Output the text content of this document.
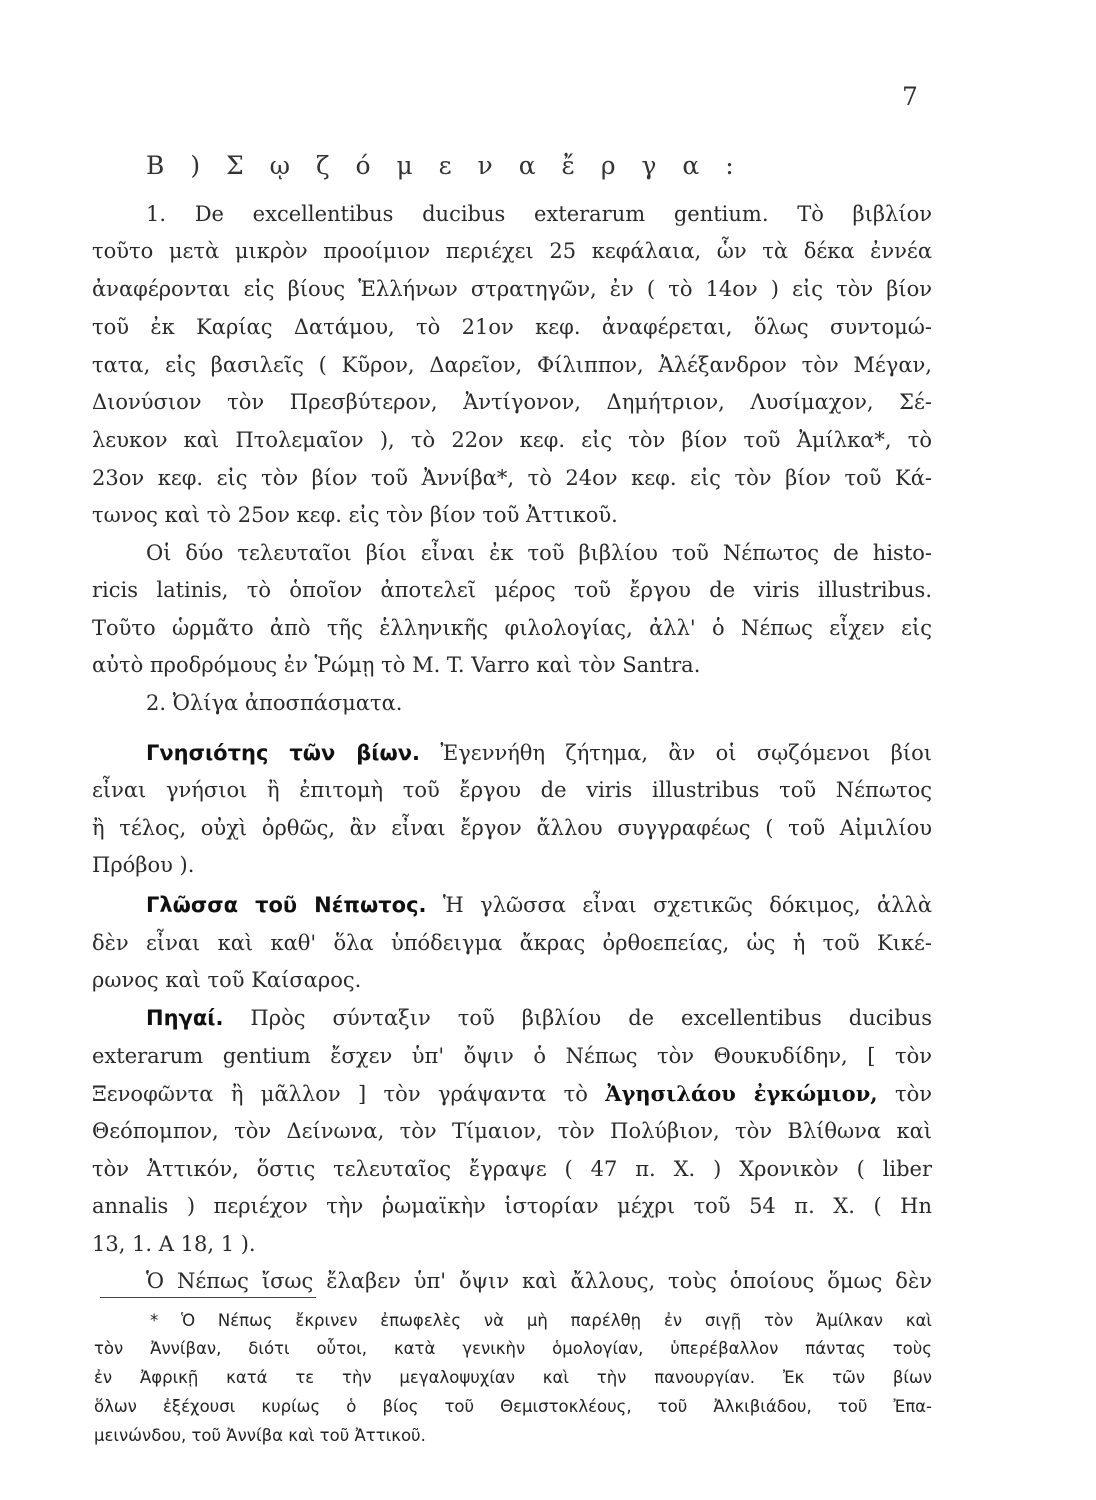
7
Β ) Σ ῳ ζ ό μ ε ν α ἔ ρ γ α :
1. De excellentibus ducibus exterarum gentium. Τὸ βιβλίον
τοῦτο μετὰ μικρὸν προοίμιον περιέχει 25 κεφάλαια, ὧν τὰ δέκα ἐννέα
ἀναφέρονται εἰς βίους Ἑλλήνων στρατηγῶν, ἐν ( τὸ 14ον ) εἰς τὸν βίον
τοῦ ἐκ Καρίας Δατάμου, τὸ 21ον κεφ. ἀναφέρεται, ὅλως συντομώ-
τατα, εἰς βασιλεῖς ( Κῦρον, Δαρεῖον, Φίλιππον, Ἀλέξανδρον τὸν Μέγαν,
Διονύσιον τὸν Πρεσβύτερον, Ἀντίγονον, Δημήτριον, Λυσίμαχον, Σέ-
λευκον καὶ Πτολεμαῖον ), τὸ 22ον κεφ. εἰς τὸν βίον τοῦ Ἀμίλκα*, τὸ
23ον κεφ. εἰς τὸν βίον τοῦ Ἀννίβα*, τὸ 24ον κεφ. εἰς τὸν βίον τοῦ Κά-
τωνος καὶ τὸ 25ον κεφ. εἰς τὸν βίον τοῦ Ἀττικοῦ.
Οἱ δύο τελευταῖοι βίοι εἶναι ἐκ τοῦ βιβλίου τοῦ Νέπωτος de histo-
ricis latinis, τὸ ὁποῖον ἀποτελεῖ μέρος τοῦ ἔργου de viris illustribus.
Τοῦτο ὡρμᾶτο ἀπὸ τῆς ἑλληνικῆς φιλολογίας, ἀλλ' ὁ Νέπως εἶχεν εἰς
αὐτὸ προδρόμους ἐν Ῥώμῃ τὸ M. T. Varro καὶ τὸν Santra.
2. Ὀλίγα ἀποσπάσματα.
Γνησιότης τῶν βίων. Ἐγεννήθη ζήτημα, ἂν οἱ σῳζόμενοι βίοι
εἶναι γνήσιοι ἢ ἐπιτομὴ τοῦ ἔργου de viris illustribus τοῦ Νέπωτος
ἢ τέλος, οὐχὶ ὀρθῶς, ἂν εἶναι ἔργον ἄλλου συγγραφέως ( τοῦ Αἰμιλίου
Πρόβου ).
Γλῶσσα τοῦ Νέπωτος. Ἡ γλῶσσα εἶναι σχετικῶς δόκιμος, ἀλλὰ
δὲν εἶναι καὶ καθ' ὅλα ὑπόδειγμα ἄκρας ὀρθοεπείας, ὡς ἡ τοῦ Κικέ-
ρωνος καὶ τοῦ Καίσαρος.
Πηγαί. Πρὸς σύνταξιν τοῦ βιβλίου de excellentibus ducibus
exterarum gentium ἔσχεν ὑπ' ὄψιν ὁ Νέπως τὸν Θουκυδίδην, [ τὸν
Ξενοφῶντα ἢ μᾶλλον ] τὸν γράψαντα τὸ Ἀγησιλάου ἐγκώμιον, τὸν
Θεόπομπον, τὸν Δείνωνα, τὸν Τίμαιον, τὸν Πολύβιον, τὸν Βλίθωνα καὶ
τὸν Ἀττικόν, ὅστις τελευταῖος ἔγραψε ( 47 π. Χ. ) Χρονικὸν ( liber
annalis ) περιέχον τὴν ῥωμαϊκὴν ἱστορίαν μέχρι τοῦ 54 π. Χ. ( Hn
13, 1. A 18, 1 ).
Ὁ Νέπως ἴσως ἔλαβεν ὑπ' ὄψιν καὶ ἄλλους, τοὺς ὁποίους ὅμως δὲν
* Ὁ Νέπως ἔκρινεν ἐπωφελὲς νὰ μὴ παρέλθῃ ἐν σιγῇ τὸν Ἀμίλκαν καὶ
τὸν Ἀννίβαν, διότι οὗτοι, κατὰ γενικὴν ὁμολογίαν, ὑπερέβαλλον πάντας τοὺς
ἐν Ἀφρικῇ κατά τε τὴν μεγαλοψυχίαν καὶ τὴν πανουργίαν. Ἐκ τῶν βίων
ὅλων ἐξέχουσι κυρίως ὁ βίος τοῦ Θεμιστοκλέους, τοῦ Ἀλκιβιάδου, τοῦ Ἐπα-
μεινώνδου, τοῦ Ἀννίβα καὶ τοῦ Ἀττικοῦ.
